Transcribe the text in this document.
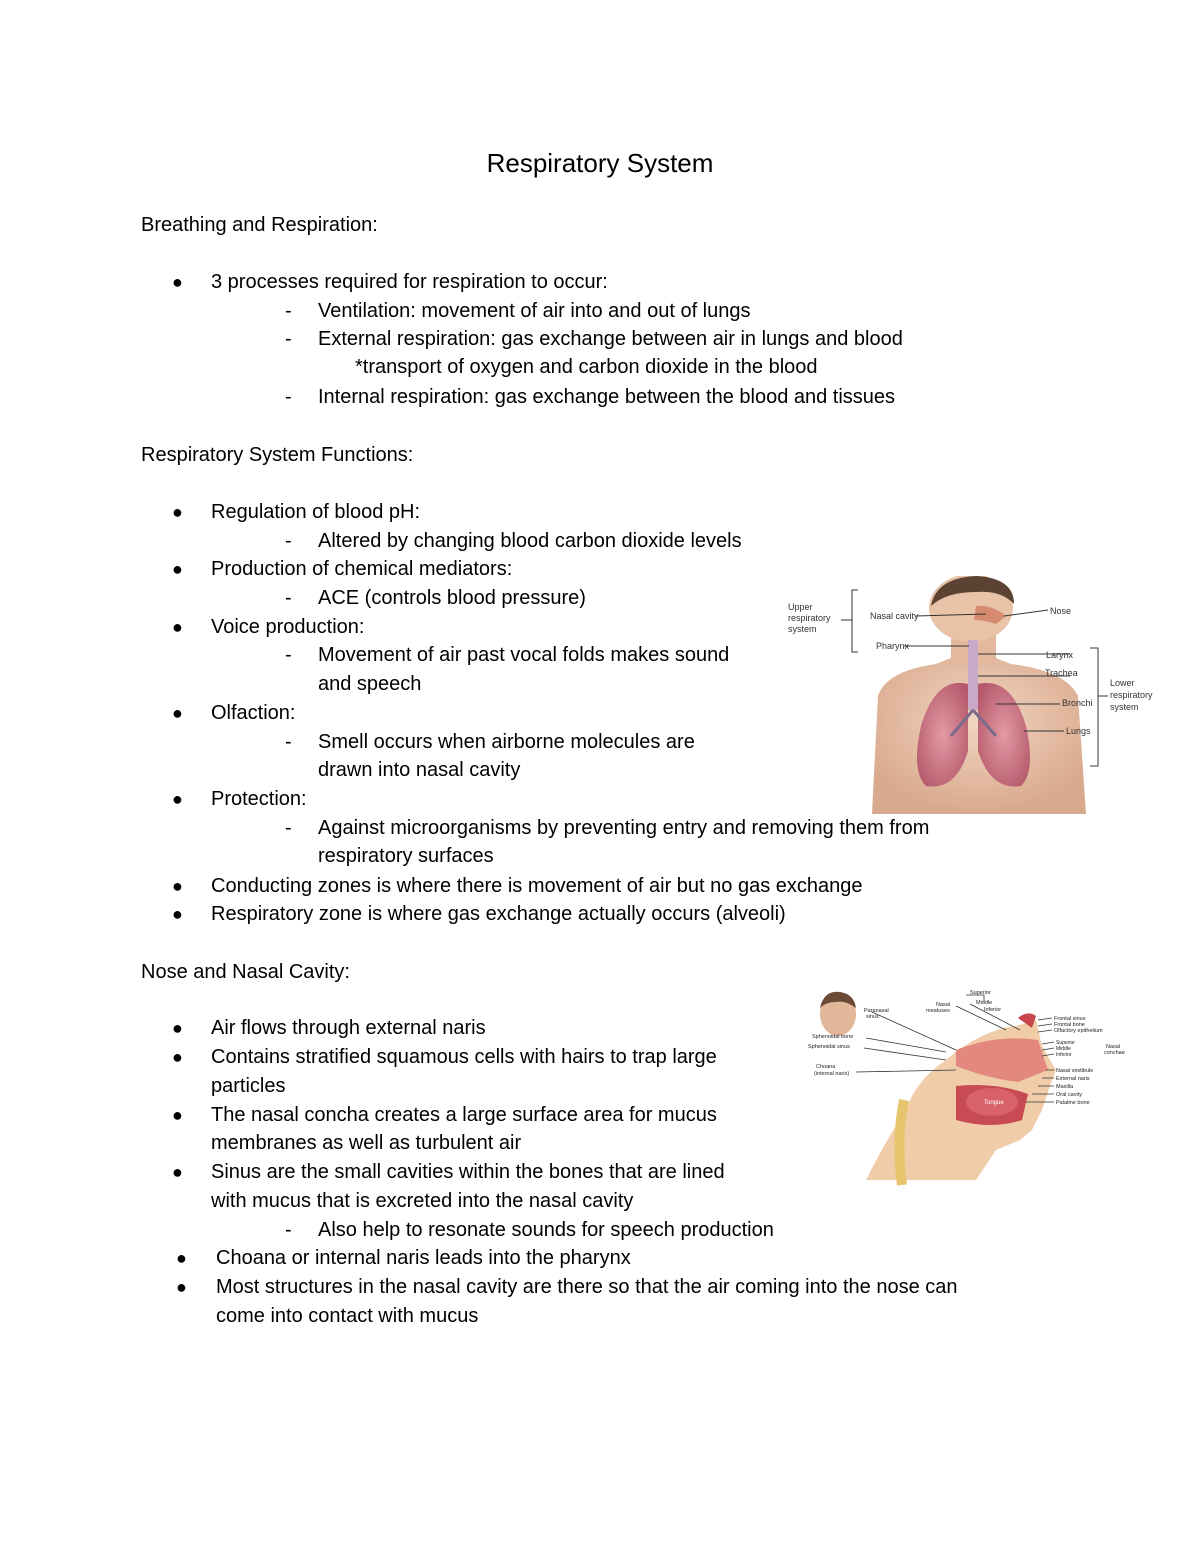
Respiratory System
Breathing and Respiration:
● 3 processes required for respiration to occur:
- Ventilation: movement of air into and out of lungs
- External respiration: gas exchange between air in lungs and blood
*transport of oxygen and carbon dioxide in the blood
- Internal respiration: gas exchange between the blood and tissues
Respiratory System Functions:
● Regulation of blood pH:
- Altered by changing blood carbon dioxide levels
● Production of chemical mediators:
- ACE (controls blood pressure)
● Voice production:
- Movement of air past vocal folds makes sound
and speech
● Olfaction:
- Smell occurs when airborne molecules are
drawn into nasal cavity
● Protection:
- Against microorganisms by preventing entry and removing them from
respiratory surfaces
● Conducting zones is where there is movement of air but no gas exchange
● Respiratory zone is where gas exchange actually occurs (alveoli)
Nose and Nasal Cavity:
● Air flows through external naris
● Contains stratified squamous cells with hairs to trap large
particles
● The nasal concha creates a large surface area for mucus
membranes as well as turbulent air
● Sinus are the small cavities within the bones that are lined
with mucus that is excreted into the nasal cavity
- Also help to resonate sounds for speech production
● Choana or internal naris leads into the pharynx
● Most structures in the nasal cavity are there so that the air coming into the nose can
come into contact with mucus
Upper
respiratory
system
Nasal cavity
Pharynx
Nose
Larynx
Trachea
Bronchi
Lungs
Lower
respiratory
system
Paranasal
sinus
Sphenoidal bone
Sphenoidal sinus
Choana
(internal naris)
Nasal
meatuses
Superior
Middle
Inferior
Frontal sinus
Frontal bone
Olfactory epithelium
Superior
Middle
Inferior
Nasal
conchae
Nasal vestibule
External naris
Maxilla
Oral cavity
Palatine bone
Tongue
